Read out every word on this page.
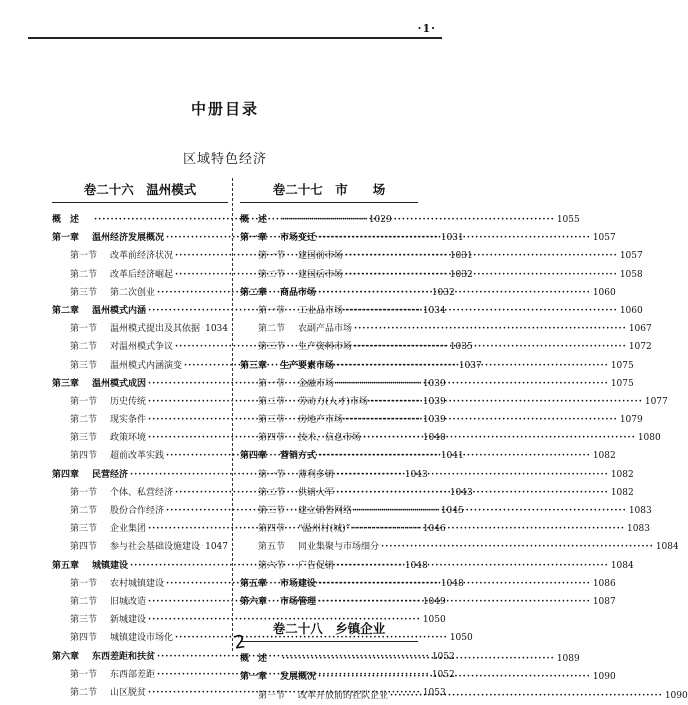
·1·
中册目录
区域特色经济
卷二十六　温州模式
概　述 ·····	1029
第一章 温州经济发展概况 ·····	1031
第一节 改革前经济状况 ·····	1031
第二节 改革后经济崛起 ·····	1032
第三节 第二次创业 ·····	1032
第二章 温州模式内涵 ·····	1034
第一节 温州模式提出及其依据 ····· 1034
第二节 对温州模式争议 ·····	1035
第三节 温州模式内涵演变 ·····	1037
第三章 温州模式成因 ·····	1039
第一节 历史传统 ·····	1039
第二节 现实条件 ·····	1039
第三节 政策环境 ·····	1040
第四节 超前改革实践 ·····	1041
第四章 民营经济 ·····	1043
第一节 个体、私营经济 ·····	1043
第二节 股份合作经济 ·····	1045
第三节 企业集团 ·····	1046
第四节 参与社会基础设施建设 ····· 1047
第五章 城镇建设 ·····	1048
第一节 农村城镇建设 ·····	1048
第二节 旧城改造 ·····	1049
第三节 新城建设 ·····	1050
第四节 城镇建设市场化 ·····	1050
第六章 东西差距和扶贫 ·····	1052
第一节 东西部差距 ·····	1052
第二节 山区脱贫 ·····	1053
卷二十七　市　　场
概　述 ·····	1055
第一章 市场变迁 ·····	1057
第一节 建国前市场 ·····	1057
第二节 建国后市场 ·····	1058
第二章 商品市场 ·····	1060
第一节 工业品市场 ·····	1060
第二节 农副产品市场 ·····	1067
第三节 生产资料市场 ·····	1072
第三章 生产要素市场 ·····	1075
第一节 金融市场 ·····	1075
第二节 劳动力(人才)市场 ·····	1077
第三节 房地产市场 ·····	1079
第四节 技术、信息市场 ·····	1080
第四章 营销方式 ·····	1082
第一节 薄利多销 ·····	1082
第二节 供销大军 ·····	1082
第三节 建立销售网络 ·····	1083
第四节 “温州村(城)” ·····	1083
第五节 同业集聚与市场细分 ·····	1084
第六节 广告促销 ·····	1084
第五章 市场建设 ·····	1086
第六章 市场管理 ·····	1087
卷二十八　乡镇企业
概　述 ·····	1089
第一章 发展概况 ·····	1090
第一节 改革开放前的社队企业 ·····	1090
2
